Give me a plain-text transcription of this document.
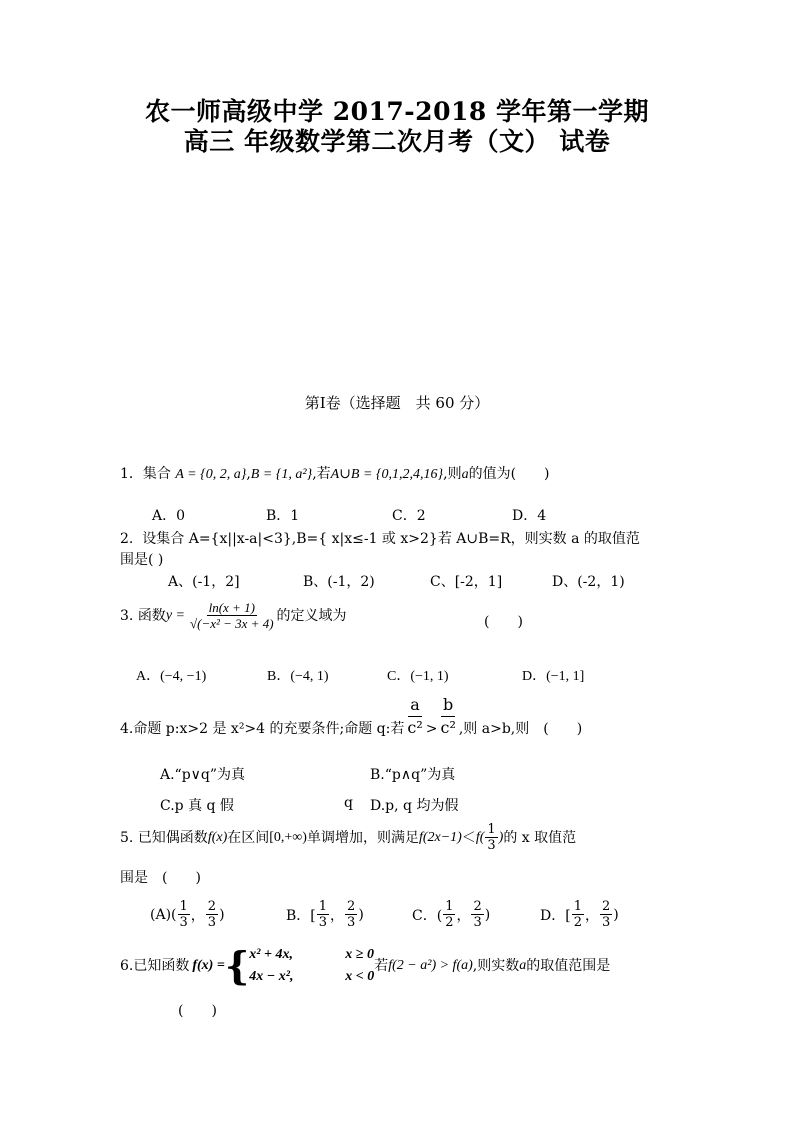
农一师高级中学 2017-2018 学年第一学期
高三 年级数学第二次月考（文） 试卷
第Ⅰ卷（选择题　共 60 分）
1．集合 A = {0, 2, a},B = {1, a²},若A∪B = {0,1,2,4,16},则a的值为(　　)
A．0	B．1	C．2	D．4
2. 设集合 A={x||x-a|<3},B={ x|x≤-1 或 x>2}若 A∪B=R，则实数 a 的取值范
围是( )
A、(-1，2]	B、(-1，2)	C、[-2，1]	D、(-2，1)
3.
函数 $y = \frac{\ln(x + 1)}{\text{√(−x² − 3x + 4)}}$ 的定义域为	(　　)
A．(−4, −1)	B．(−4, 1)	C．(−1, 1)	D．(−1, 1]
4. 命题 p:x>2 是 x²>4 的充要条件;命题 q:若 $\frac{a}{\text{c²}} > \frac{b}{\text{c²}}$ ,则 a>b,则　(　　)
A.“p∨q”为真	B.“p∧q”为真
C.p 真 q 假	q D.p, q 均为假
5.
已知偶函数 f(x) 在区间 [0,+∞) 单调增加，则满足 $f(2x-1) < f( \frac{1}{3}$ ) 的 x 取值范
围是　(　　)
$(A)( \frac{1}{3}$ ， $\frac{2}{3}$ )	B．[ $\frac{1}{3}$ ， $\frac{2}{3}$ )	C．( $\frac{1}{2}$ ， $\frac{2}{3}$ )	D．[ $\frac{1}{2}$ ， $\frac{2}{3}$ )
6. 已知函数 f(x) = { x² + 4x,	x ≥ 0
4x − x²,	x < 0
若 f(2 − a²) > f(a) ,则实数 a 的取值范围是
(　　)
